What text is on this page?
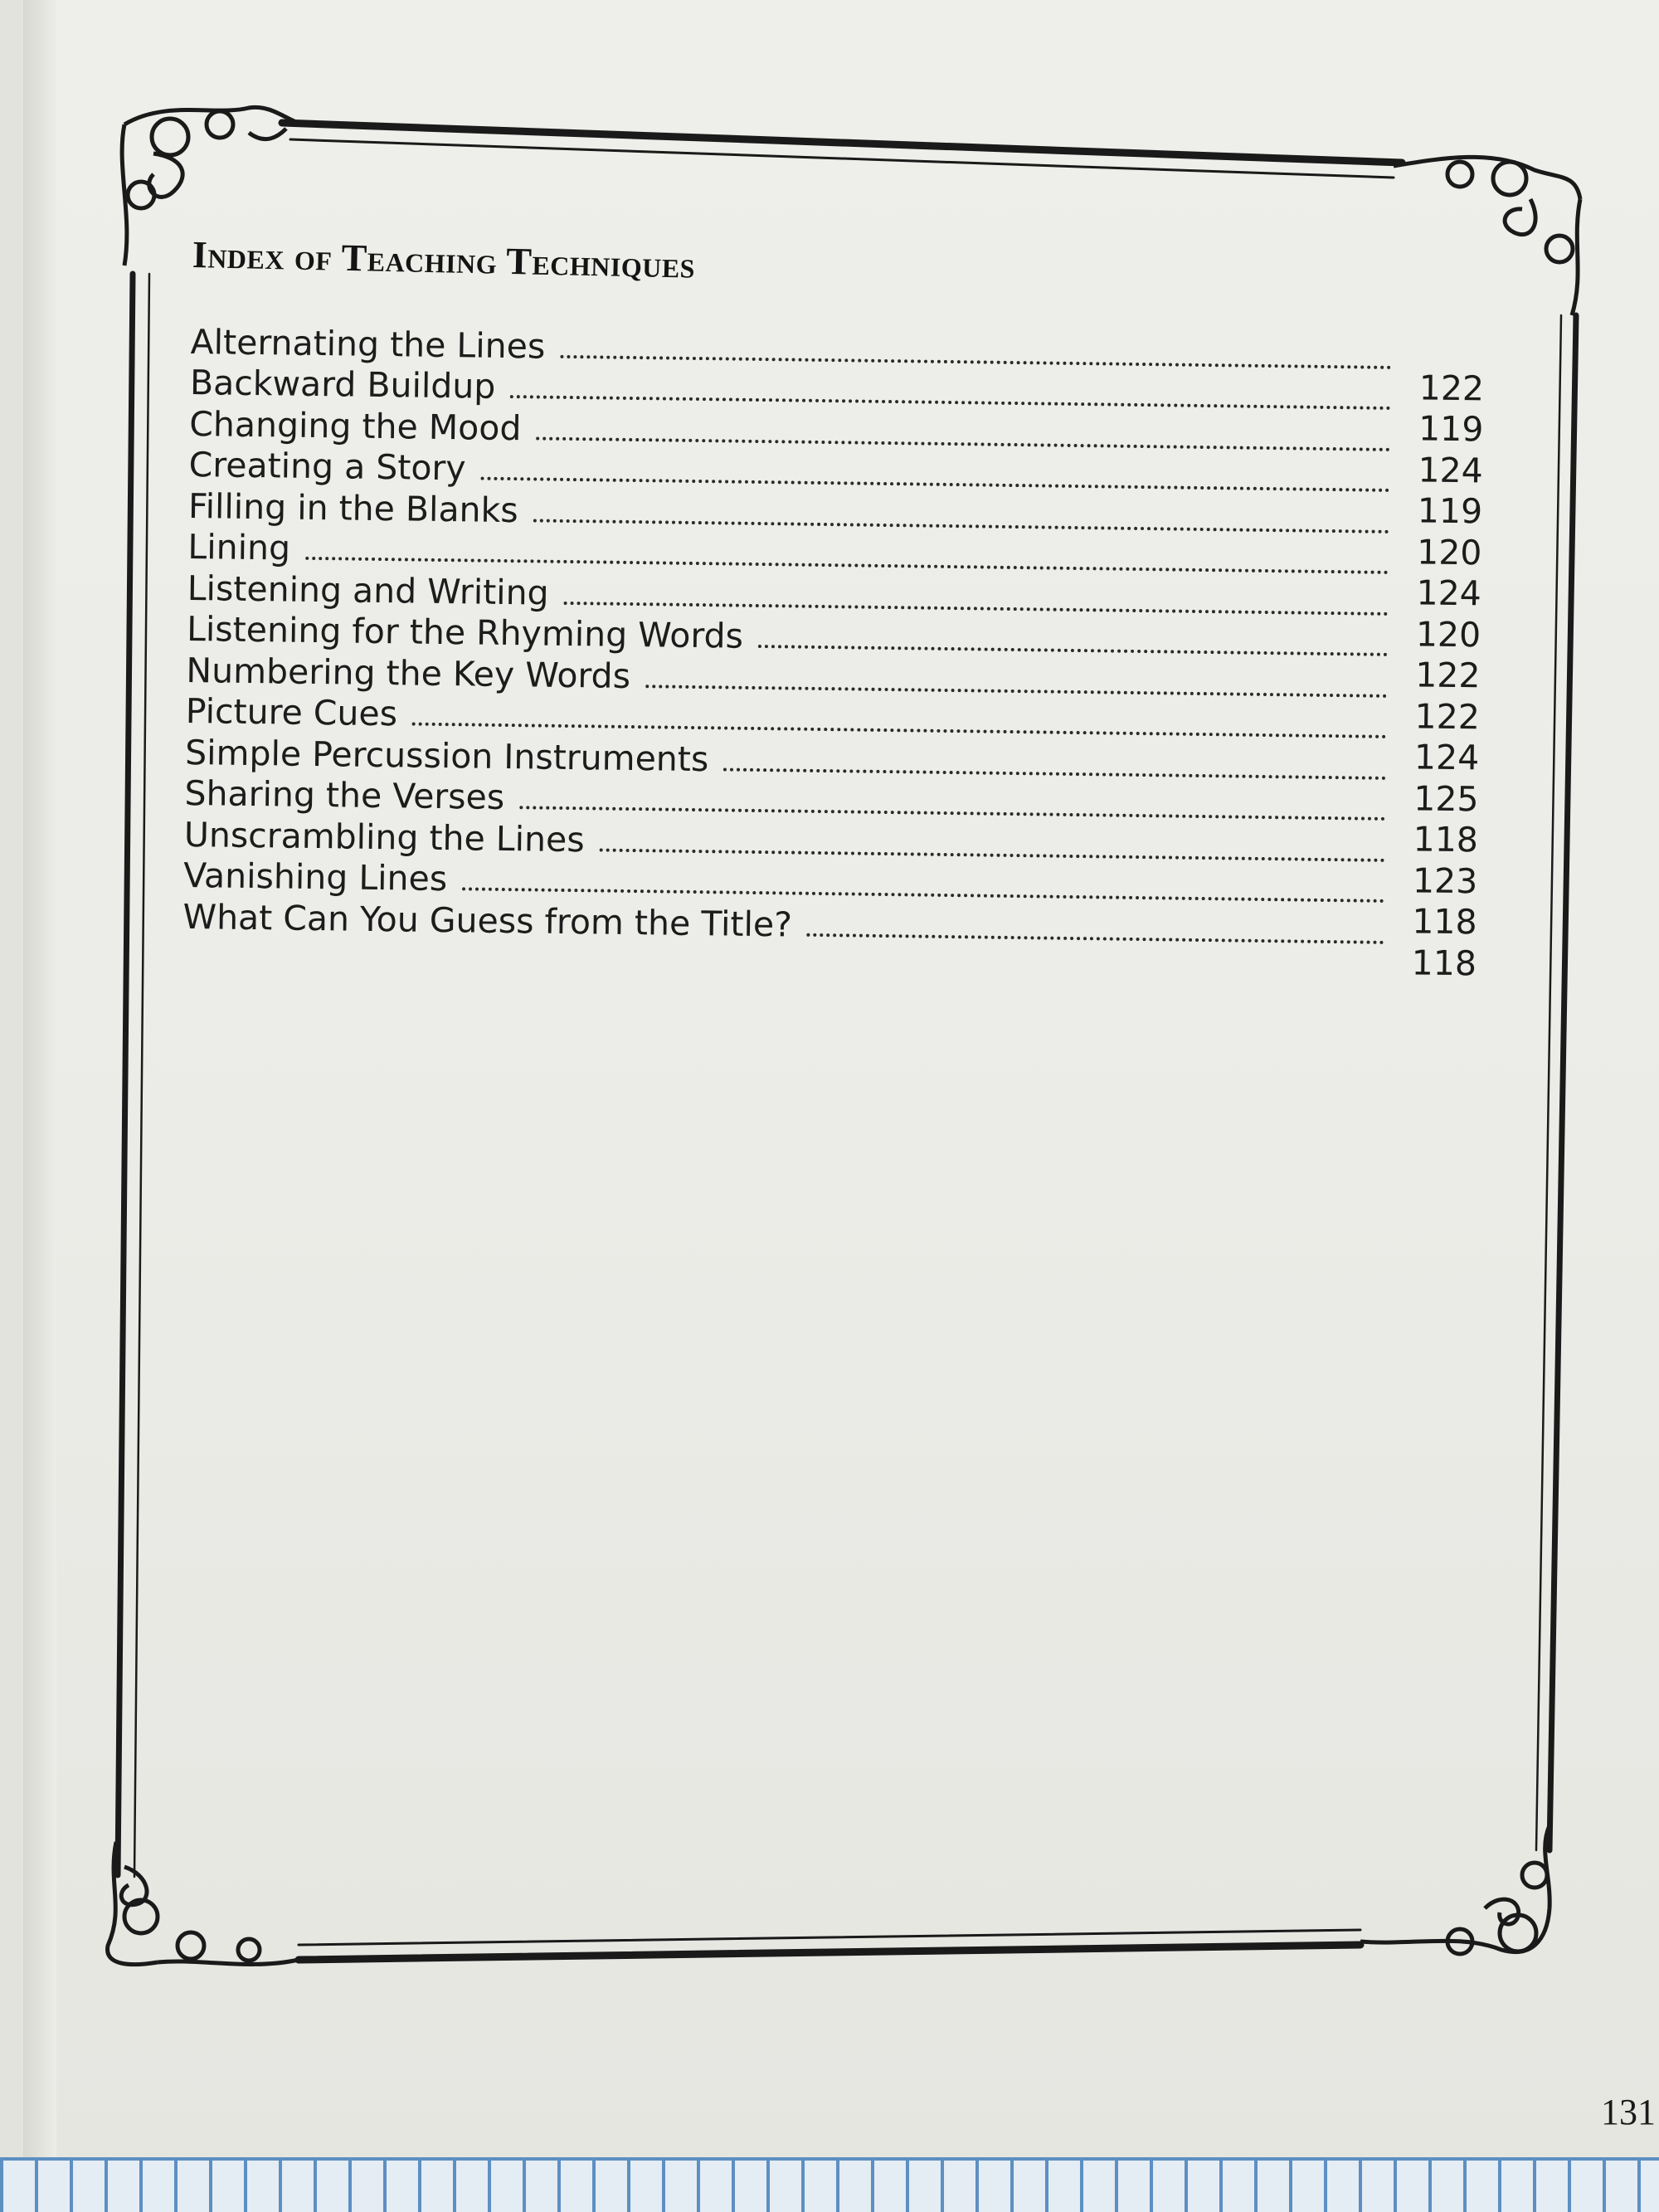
Index of Teaching Techniques
Alternating the Lines
122
Backward Buildup
119
Changing the Mood
124
Creating a Story
119
Filling in the Blanks
120
Lining
124
Listening and Writing
120
Listening for the Rhyming Words
122
Numbering the Key Words
122
Picture Cues
124
Simple Percussion Instruments
125
Sharing the Verses
118
Unscrambling the Lines
123
Vanishing Lines
118
What Can You Guess from the Title?
118
131
